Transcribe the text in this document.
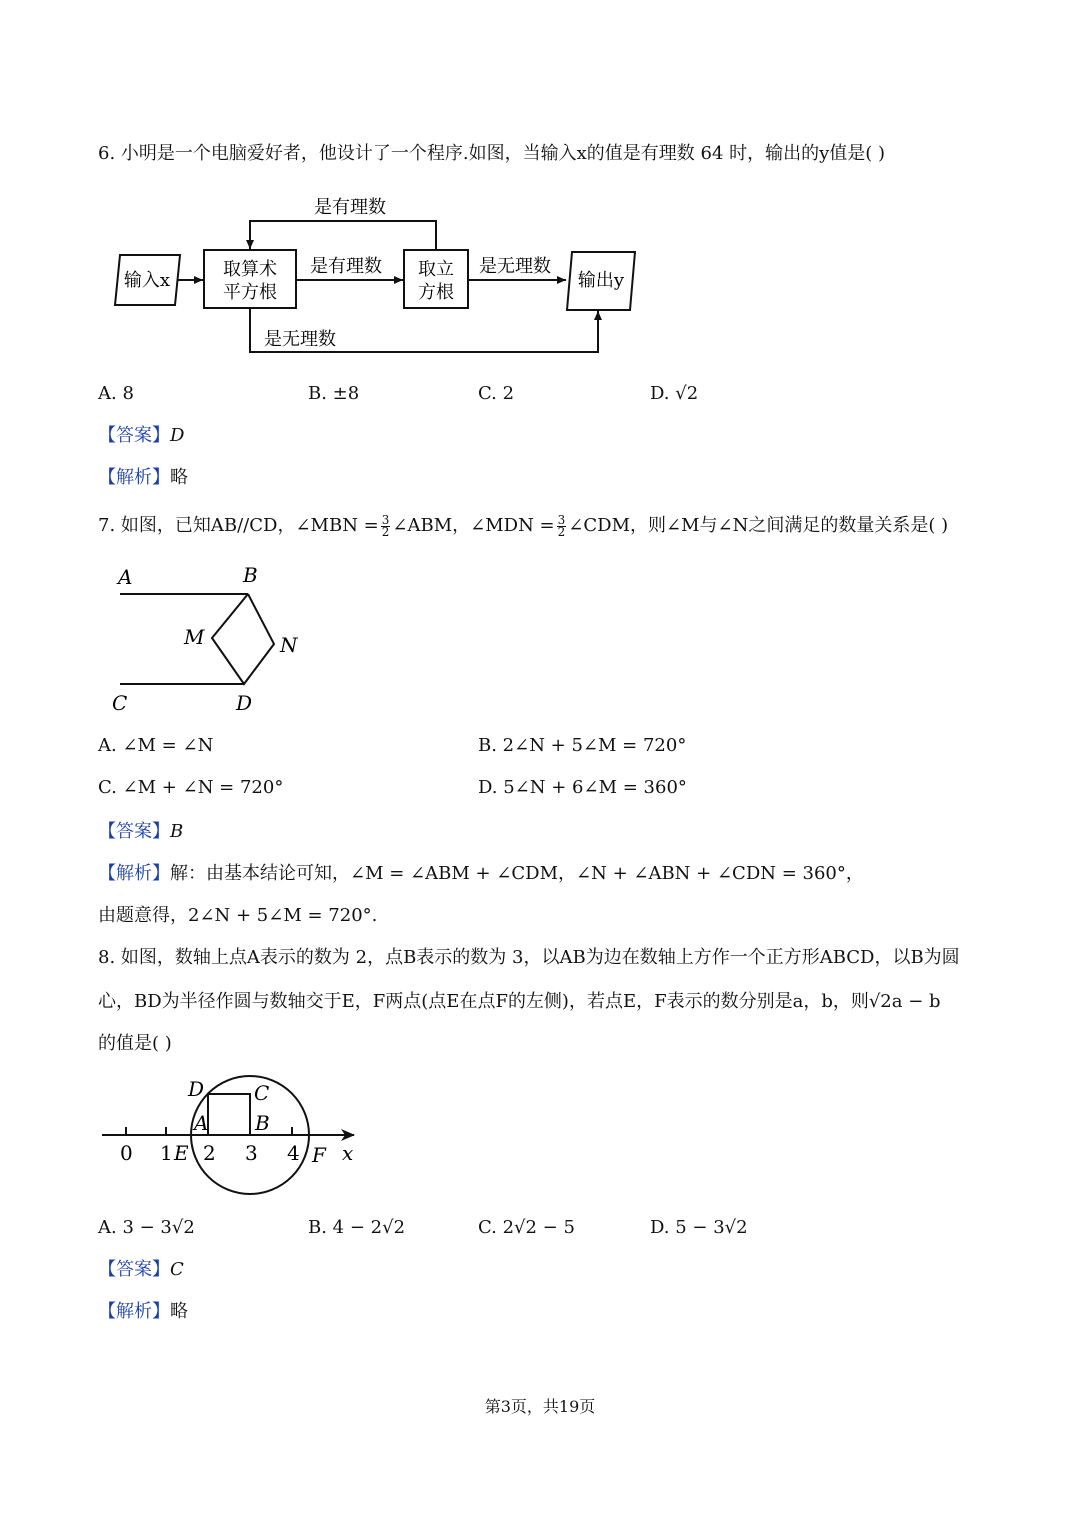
6. 小明是一个电脑爱好者，他设计了一个程序.如图，当输入x的值是有理数 64 时，输出的y值是( )
输入x
取算术
平方根
是有理数 取立
方根
是有理数
是无理数
输出y
是无理数
A. 8	B. ±8	C. 2	D. √2
【答案】D
【解析】略
7. 如图，已知AB//CD，∠MBN = $\frac{3}{2}$ ∠ABM，∠MDN = $\frac{3}{2}$ ∠CDM，则∠M与∠N之间满足的数量关系是( )
A	B
C	D
M	N
A. ∠M = ∠N	B. 2∠N + 5∠M = 720°
C. ∠M + ∠N = 720°	D. 5∠N + 6∠M = 360°
【答案】B
【解析】解：由基本结论可知，∠M = ∠ABM + ∠CDM，∠N + ∠ABN + ∠CDN = 360°，
由题意得，2∠N + 5∠M = 720°.
8. 如图，数轴上点A表示的数为 2，点B表示的数为 3，以AB为边在数轴上方作一个正方形ABCD，以B为圆
心，BD为半径作圆与数轴交于E，F两点(点E在点F的左侧)，若点E，F表示的数分别是a，b，则√2a − b
的值是( )
D C
A B
0 1 E 2 3 4 F x
A. 3 − 3√2	B. 4 − 2√2	C. 2√2 − 5	D. 5 − 3√2
【答案】C
【解析】略
第3页，共19页
